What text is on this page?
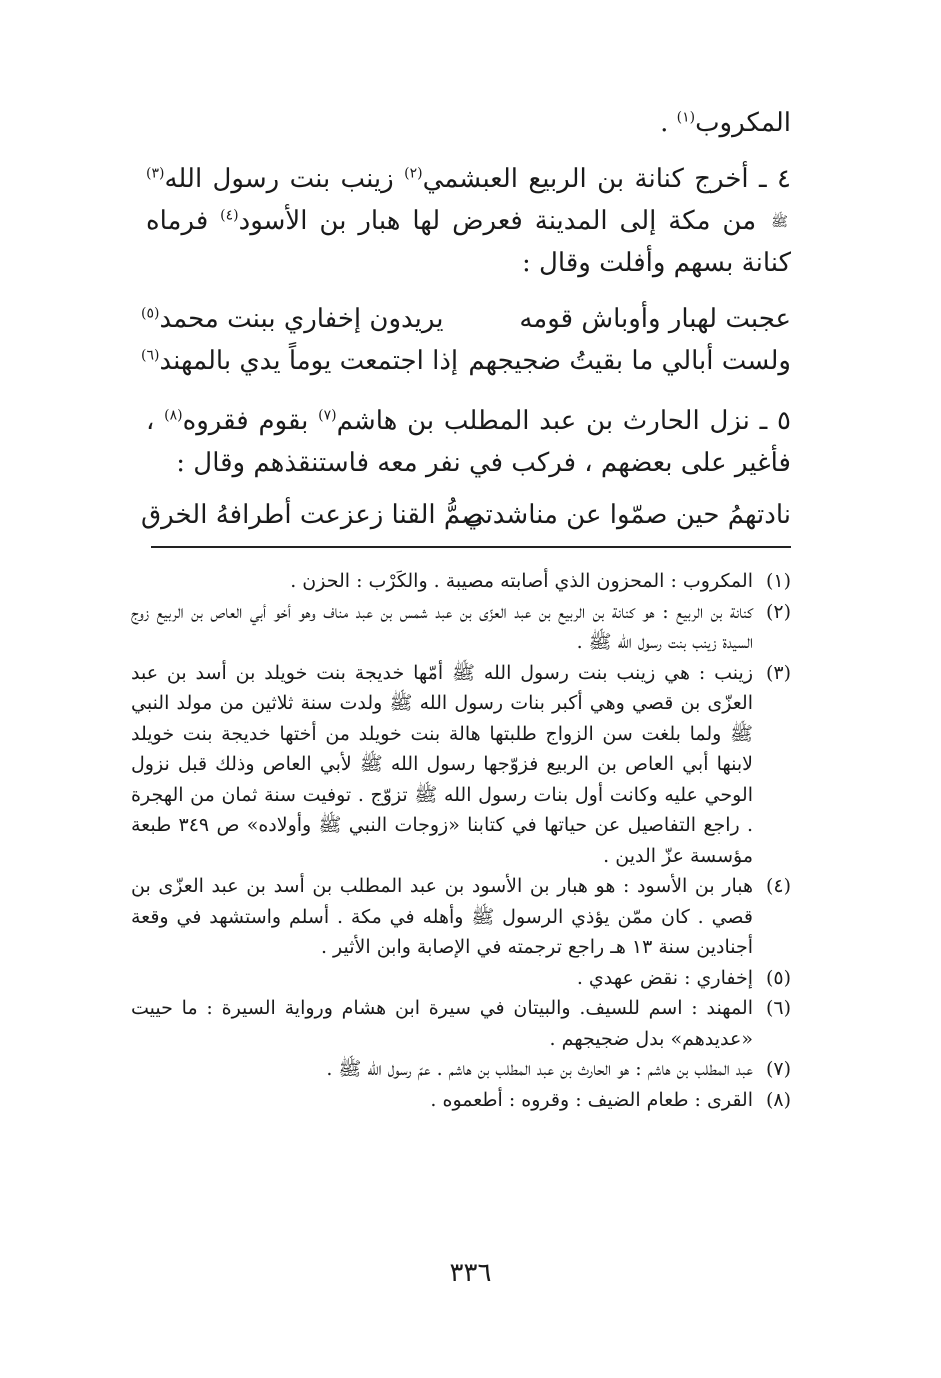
المكروب$^{(١)}$ .
٤ ـ أخرج كنانة بن الربيع العبشمي$^{(٢)}$ زينب بنت رسول الله$^{(٣)}$ﷺ من مكة إلى المدينة فعرض لها هبار بن الأسود$^{(٤)}$ فرماه كنانة بسهم وأفلت وقال :
عجبت لهبار وأوباش قومه
يريدون إخفاري ببنت محمد$^{(٥)}$
ولست أبالي ما بقيتُ ضجيجهم
إذا اجتمعت يوماً يدي بالمهند$^{(٦)}$
٥ ـ نزل الحارث بن عبد المطلب بن هاشم$^{(٧)}$ بقوم فقروه$^{(٨)}$ ، فأغير على بعضهم ، فركب في نفر معه فاستنقذهم وقال :
نادتهمُ حين صمّوا عن مناشدتي
صمُّ القنا زعزعت أطرافهُ الخرق
(١)
المكروب : المحزون الذي أصابته مصيبة . والكَرْب : الحزن .
(٢)
كنانة بن الربيع : هو كنانة بن الربيع بن عبد العزّى بن عبد شمس بن عبد مناف وهو أخو أبي العاص بن الربيع زوج السيدة زينب بنت رسول الله ﷺ .
(٣)
زينب : هي زينب بنت رسول الله ﷺ أمّها خديجة بنت خويلد بن أسد بن عبد العزّى بن قصي وهي أكبر بنات رسول الله ﷺ ولدت سنة ثلاثين من مولد النبي ﷺ ولما بلغت سن الزواج طلبتها هالة بنت خويلد من أختها خديجة بنت خويلد لابنها أبي العاص بن الربيع فزوّجها رسول الله ﷺ لأبي العاص وذلك قبل نزول الوحي عليه وكانت أول بنات رسول الله ﷺ تزوّج . توفيت سنة ثمان من الهجرة . راجع التفاصيل عن حياتها في كتابنا «زوجات النبي ﷺ وأولاده» ص ٣٤٩ طبعة مؤسسة عزّ الدين .
(٤)
هبار بن الأسود : هو هبار بن الأسود بن عبد المطلب بن أسد بن عبد العزّى بن قصي . كان ممّن يؤذي الرسول ﷺ وأهله في مكة . أسلم واستشهد في وقعة أجنادين سنة ١٣ هـ راجع ترجمته في الإصابة وابن الأثير .
(٥)
إخفاري : نقض عهدي .
(٦)
المهند : اسم للسيف. والبيتان في سيرة ابن هشام ورواية السيرة : ما حييت «عديدهم» بدل ضجيجهم .
(٧)
عبد المطلب بن هاشم : هو الحارث بن عبد المطلب بن هاشم . عمّ رسول الله ﷺ .
(٨)
القرى : طعام الضيف : وقروه : أطعموه .
٣٣٦
